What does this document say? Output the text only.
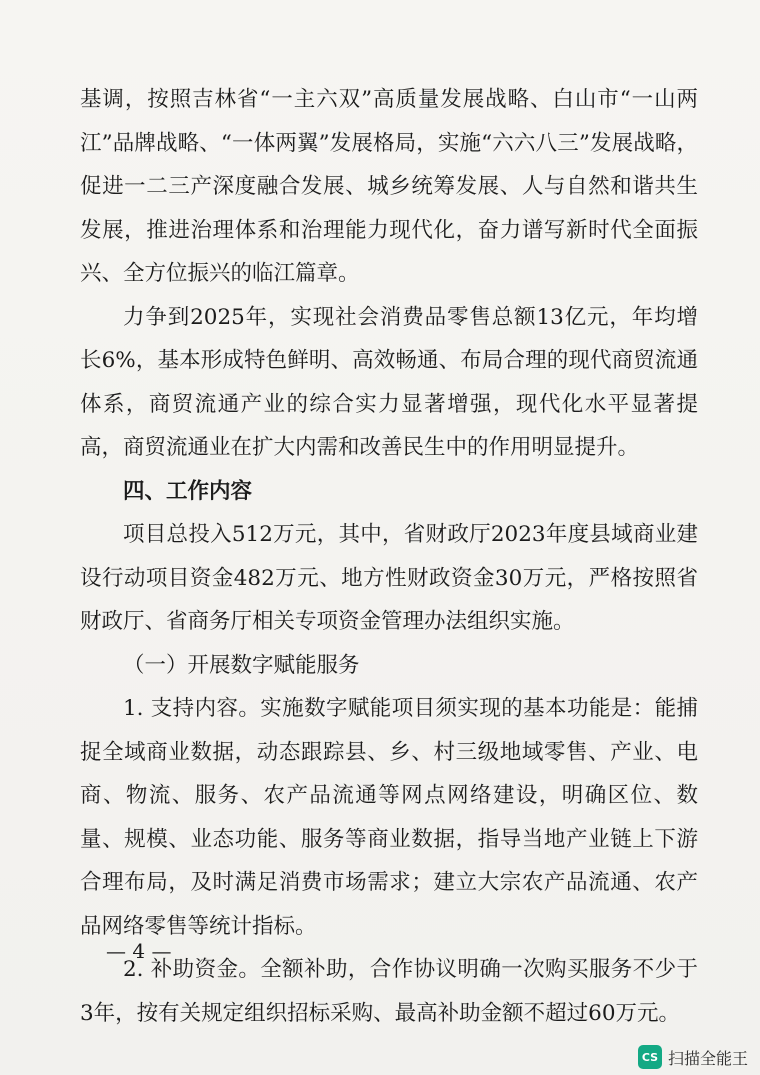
基调，按照吉林省“一主六双”高质量发展战略、白山市“一山两江”品牌战略、“一体两翼”发展格局，实施“六六八三”发展战略，促进一二三产深度融合发展、城乡统筹发展、人与自然和谐共生发展，推进治理体系和治理能力现代化，奋力谱写新时代全面振兴、全方位振兴的临江篇章。

力争到2025年，实现社会消费品零售总额13亿元，年均增长6%，基本形成特色鲜明、高效畅通、布局合理的现代商贸流通体系，商贸流通产业的综合实力显著增强，现代化水平显著提高，商贸流通业在扩大内需和改善民生中的作用明显提升。

四、工作内容

项目总投入512万元，其中，省财政厅2023年度县域商业建设行动项目资金482万元、地方性财政资金30万元，严格按照省财政厅、省商务厅相关专项资金管理办法组织实施。

（一）开展数字赋能服务

1. 支持内容。实施数字赋能项目须实现的基本功能是：能捕捉全域商业数据，动态跟踪县、乡、村三级地域零售、产业、电商、物流、服务、农产品流通等网点网络建设，明确区位、数量、规模、业态功能、服务等商业数据，指导当地产业链上下游合理布局，及时满足消费市场需求；建立大宗农产品流通、农产品网络零售等统计指标。

2. 补助资金。全额补助，合作协议明确一次购买服务不少于3年，按有关规定组织招标采购、最高补助金额不超过60万元。

— 4 —
CS 扫描全能王
